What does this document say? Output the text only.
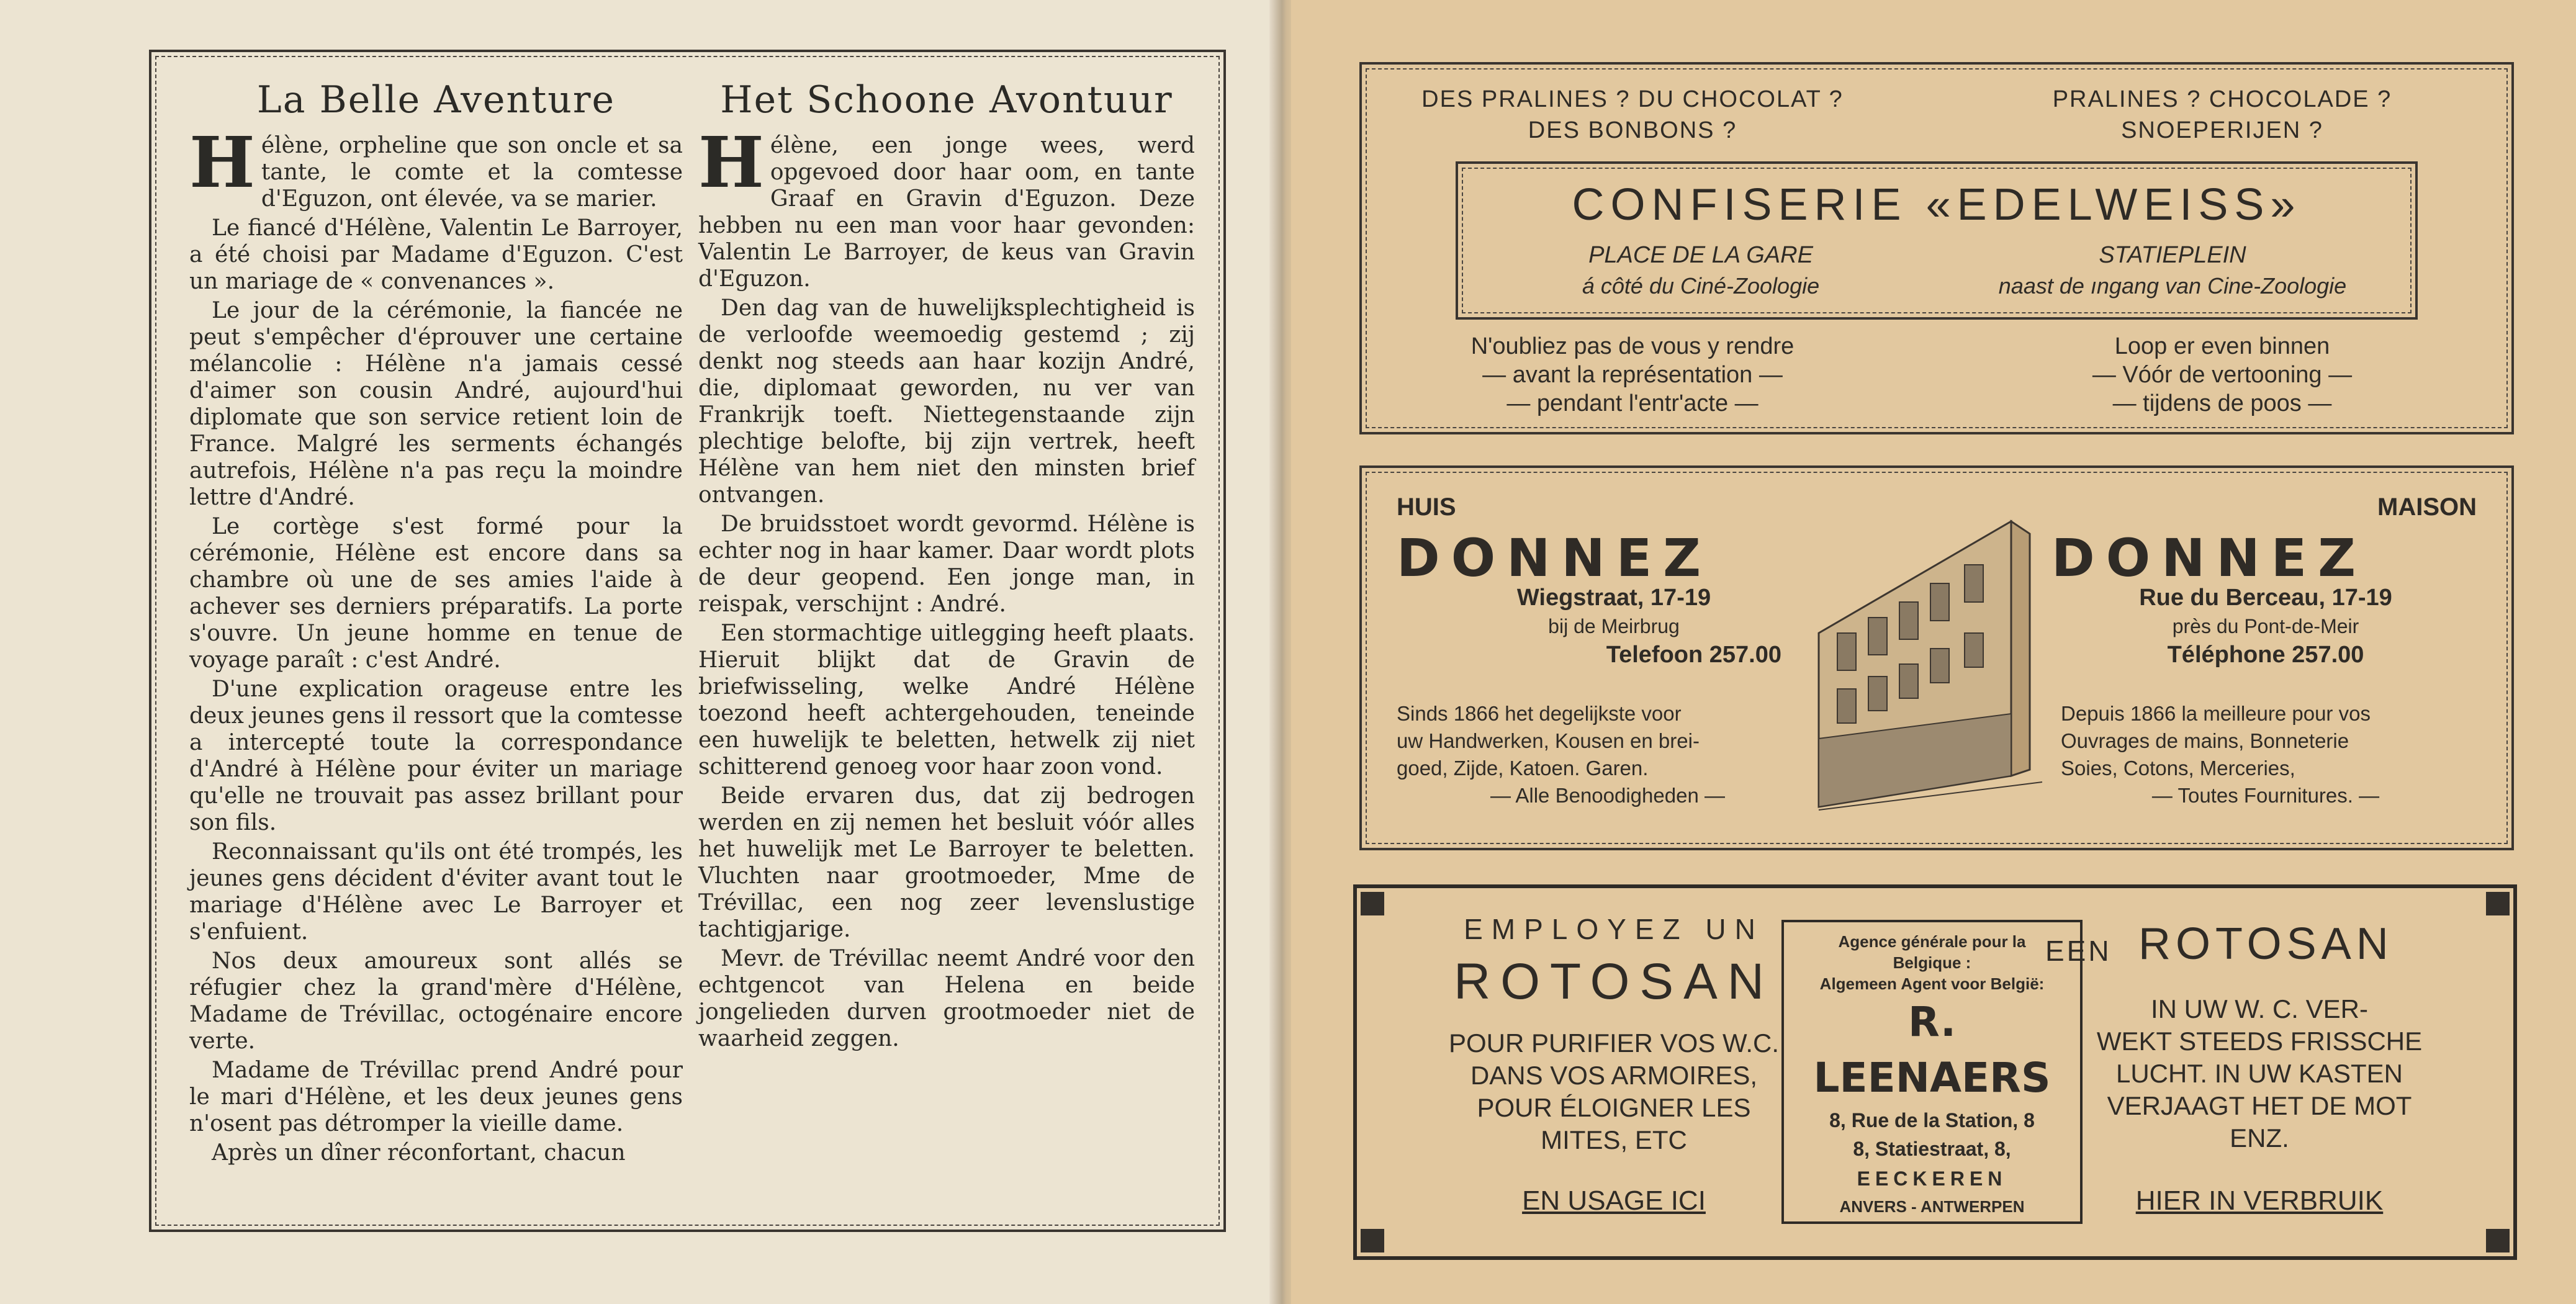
La Belle Aventure

Hélène, orpheline que son oncle et sa tante, le comte et la comtesse d'Eguzon, ont élevée, va se marier.

Le fiancé d'Hélène, Valentin Le Barroyer, a été choisi par Madame d'Eguzon. C'est un mariage de « convenances ».

Le jour de la cérémonie, la fiancée ne peut s'empêcher d'éprouver une certaine mélancolie : Hélène n'a jamais cessé d'aimer son cousin André, aujourd'hui diplomate que son service retient loin de France. Malgré les serments échangés autrefois, Hélène n'a pas reçu la moindre lettre d'André.

Le cortège s'est formé pour la cérémonie, Hélène est encore dans sa chambre où une de ses amies l'aide à achever ses derniers préparatifs. La porte s'ouvre. Un jeune homme en tenue de voyage paraît : c'est André.

D'une explication orageuse entre les deux jeunes gens il ressort que la comtesse a intercepté toute la correspondance d'André à Hélène pour éviter un mariage qu'elle ne trouvait pas assez brillant pour son fils.

Reconnaissant qu'ils ont été trompés, les jeunes gens décident d'éviter avant tout le mariage d'Hélène avec Le Barroyer et s'enfuient.

Nos deux amoureux sont allés se réfugier chez la grand'mère d'Hélène, Madame de Trévillac, octogénaire encore verte.

Madame de Trévillac prend André pour le mari d'Hélène, et les deux jeunes gens n'osent pas détromper la vieille dame.

Après un dîner réconfortant, chacun

Het Schoone Avontuur

Hélène, een jonge wees, werd opgevoed door haar oom, en tante Graaf en Gravin d'Eguzon. Deze hebben nu een man voor haar gevonden: Valentin Le Barroyer, de keus van Gravin d'Eguzon.

Den dag van de huwelijksplechtigheid is de verloofde weemoedig gestemd ; zij denkt nog steeds aan haar kozijn André, die, diplomaat geworden, nu ver van Frankrijk toeft. Niettegenstaande zijn plechtige belofte, bij zijn vertrek, heeft Hélène van hem niet den minsten brief ontvangen.

De bruidsstoet wordt gevormd. Hélène is echter nog in haar kamer. Daar wordt plots de deur geopend. Een jonge man, in reispak, verschijnt : André.

Een stormachtige uitlegging heeft plaats. Hieruit blijkt dat de Gravin de briefwisseling, welke André Hélène toezond heeft achtergehouden, teneinde een huwelijk te beletten, hetwelk zij niet schitterend genoeg voor haar zoon vond.

Beide ervaren dus, dat zij bedrogen werden en zij nemen het besluit vóór alles het huwelijk met Le Barroyer te beletten. Vluchten naar grootmoeder, Mme de Trévillac, een nog zeer levenslustige tachtigjarige.

Mevr. de Trévillac neemt André voor den echtgencot van Helena en beide jongelieden durven grootmoeder niet de waarheid zeggen.

DES PRALINES ? DU CHOCOLAT ?
DES BONBONS ?
PRALINES ? CHOCOLADE ?
SNOEPERIJEN ?
CONFISERIE «EDELWEISS»
PLACE DE LA GARE	STATIEPLEIN
á côté du Ciné-Zoologie	naast de ıngang van Cine-Zoologie
N'oubliez pas de vous y rendre
— avant la représentation —
— pendant l'entr'acte —
Loop er even binnen
— Vóór de vertooning —
— tijdens de poos —
HUIS
DONNEZ
Wiegstraat, 17-19
bij de Meirbrug
Telefoon 257.00
Sinds 1866 het degelijkste voor
uw Handwerken, Kousen en brei-
goed, Zijde, Katoen. Garen.
— Alle Benoodigheden —
MAISON
DONNEZ
Rue du Berceau, 17-19
près du Pont-de-Meir
Téléphone 257.00
Depuis 1866 la meilleure pour vos
Ouvrages de mains, Bonneterie
Soies, Cotons, Merceries,
— Toutes Fournitures. —
EMPLOYEZ UN
ROTOSAN
POUR PURIFIER VOS W.C.
DANS VOS ARMOIRES,
POUR ÉLOIGNER LES
MITES, ETC
EN USAGE ICI
Agence générale pour la
Belgique :
Algemeen Agent voor België:
R. LEENAERS
8, Rue de la Station, 8
8, Statiestraat, 8,
EECKEREN
ANVERS - ANTWERPEN
EEN ROTOSAN
IN UW W. C. VER-
WEKT STEEDS FRISSCHE
LUCHT. IN UW KASTEN
VERJAAGT HET DE MOT
ENZ.
HIER IN VERBRUIK
